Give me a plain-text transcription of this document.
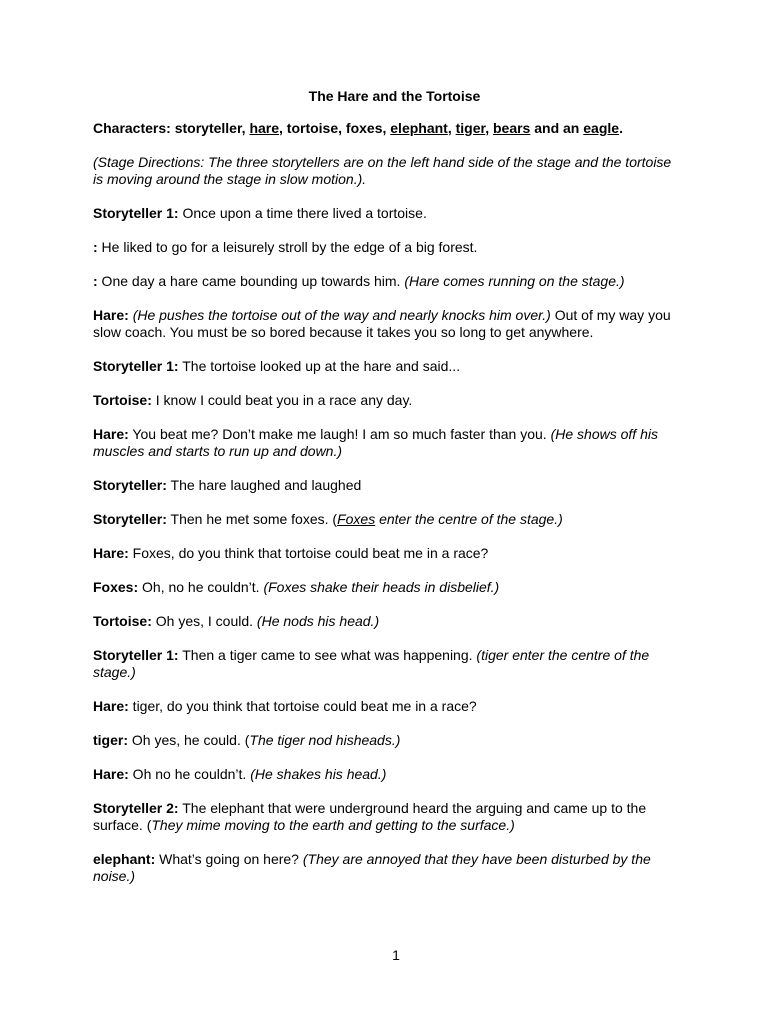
The Hare and the Tortoise
Characters: storyteller, hare, tortoise, foxes, elephant, tiger, bears and an eagle.
(Stage Directions: The three storytellers are on the left hand side of the stage and the tortoise is moving around the stage in slow motion.).
Storyteller 1: Once upon a time there lived a tortoise.
: He liked to go for a leisurely stroll by the edge of a big forest.
: One day a hare came bounding up towards him. (Hare comes running on the stage.)
Hare: (He pushes the tortoise out of the way and nearly knocks him over.) Out of my way you slow coach. You must be so bored because it takes you so long to get anywhere.
Storyteller 1: The tortoise looked up at the hare and said...
Tortoise: I know I could beat you in a race any day.
Hare: You beat me? Don’t make me laugh! I am so much faster than you. (He shows off his muscles and starts to run up and down.)
Storyteller: The hare laughed and laughed
Storyteller: Then he met some foxes. (Foxes enter the centre of the stage.)
Hare: Foxes, do you think that tortoise could beat me in a race?
Foxes: Oh, no he couldn’t. (Foxes shake their heads in disbelief.)
Tortoise: Oh yes, I could. (He nods his head.)
Storyteller 1: Then a tiger came to see what was happening. (tiger enter the centre of the stage.)
Hare: tiger, do you think that tortoise could beat me in a race?
tiger: Oh yes, he could. (The tiger nod hisheads.)
Hare: Oh no he couldn’t. (He shakes his head.)
Storyteller 2: The elephant that were underground heard the arguing and came up to the surface. (They mime moving to the earth and getting to the surface.)
elephant: What’s going on here? (They are annoyed that they have been disturbed by the noise.)
1
